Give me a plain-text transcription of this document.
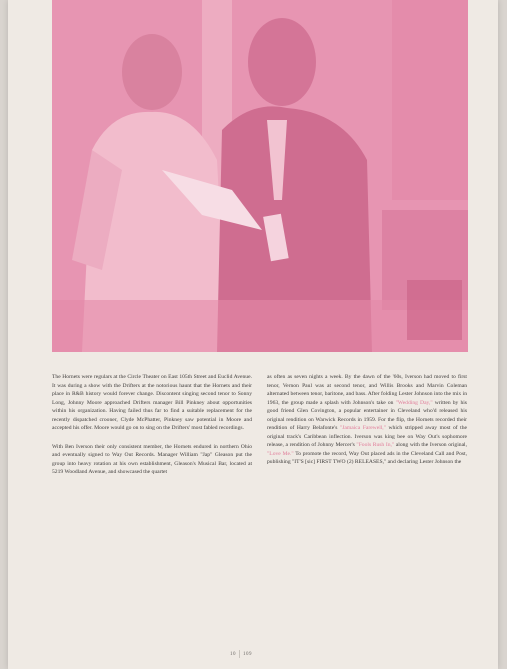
The Hornets were regulars at the Circle Theater on East 105th Street and Euclid Avenue. It was during a show with the Drifters at the notorious haunt that the Hornets and their place in R&B history would forever change. Discontent singing second tenor to Sonny Long, Johnny Moore approached Drifters manager Bill Pinkney about opportunities within his organization. Having failed thus far to find a suitable replacement for the recently dispatched crooner, Clyde McPhatter, Pinkney saw potential in Moore and accepted his offer. Moore would go on to sing on the Drifters' most fabled recordings.

With Ben Iverson their only consistent member, the Hornets endured in northern Ohio and eventually signed to Way Out Records. Manager William "Jap" Gleason put the group into heavy rotation at his own establishment, Gleason's Musical Bar, located at 5219 Woodland Avenue, and showcased the quartet

as often as seven nights a week. By the dawn of the '60s, Iverson had moved to first tenor, Vernon Paul was at second tenor, and Willis Brooks and Marvin Coleman alternated between tenor, baritone, and bass. After folding Lester Johnson into the mix in 1963, the group made a splash with Johnson's take on "Wedding Day," written by his good friend Glen Covington, a popular entertainer in Cleveland who'd released his original rendition on Warwick Records in 1959. For the flip, the Hornets recorded their rendition of Harry Belafonte's "Jamaica Farewell," which stripped away most of the original track's Caribbean inflection. Iverson was king bee on Way Out's sophomore release, a rendition of Johnny Mercer's "Fools Rush In," along with the Iverson original, "Love Me." To promote the record, Way Out placed ads in the Cleveland Call and Post, publishing "IT'S [sic] FIRST TWO (2) RELEASES," and declaring Lester Johnson the

10 109
